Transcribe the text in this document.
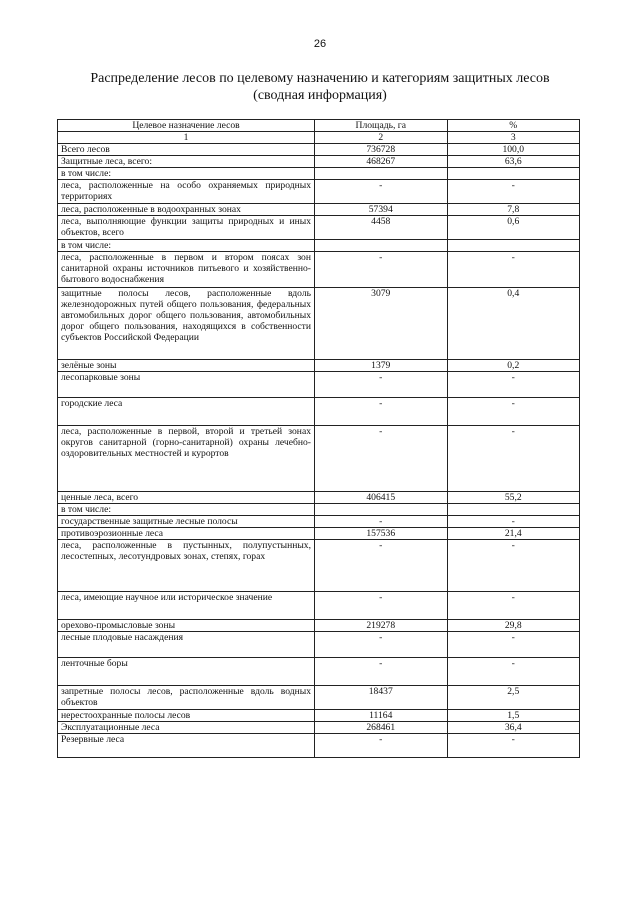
26
Распределение лесов по целевому назначению и категориям защитных лесов
(сводная информация)
Целевое назначение лесов	Площадь, га	%
1	2	3
Всего лесов	736728	100,0
Защитные леса, всего:	468267	63,6
в том числе:		
леса, расположенные на особо охраняемых природных территориях	-	-
леса, расположенные в водоохранных зонах	57394	7,8
леса, выполняющие функции защиты природных и иных объектов, всего	4458	0,6
в том числе:		
леса, расположенные в первом и втором поясах зон санитарной охраны источников питьевого и хозяйственно-бытового водоснабжения	-	-
защитные полосы лесов, расположенные вдоль железнодорожных путей общего пользования, федеральных автомобильных дорог общего пользования, автомобильных дорог общего пользования, находящихся в собственности субъектов Российской Федерации	3079	0,4
зелёные зоны	1379	0,2
лесопарковые зоны	-	-
городские леса	-	-
леса, расположенные в первой, второй и третьей зонах округов санитарной (горно-санитарной) охраны лечебно-оздоровительных местностей и курортов	-	-
ценные леса, всего	406415	55,2
в том числе:		
государственные защитные лесные полосы	-	-
противоэрозионные леса	157536	21,4
леса, расположенные в пустынных, полупустынных, лесостепных, лесотундровых зонах, степях, горах	-	-
леса, имеющие научное или историческое значение	-	-
орехово-промысловые зоны	219278	29,8
лесные плодовые насаждения	-	-
ленточные боры	-	-
запретные полосы лесов, расположенные вдоль водных объектов	18437	2,5
нерестоохранные полосы лесов	11164	1,5
Эксплуатационные леса	268461	36,4
Резервные леса	-	-
